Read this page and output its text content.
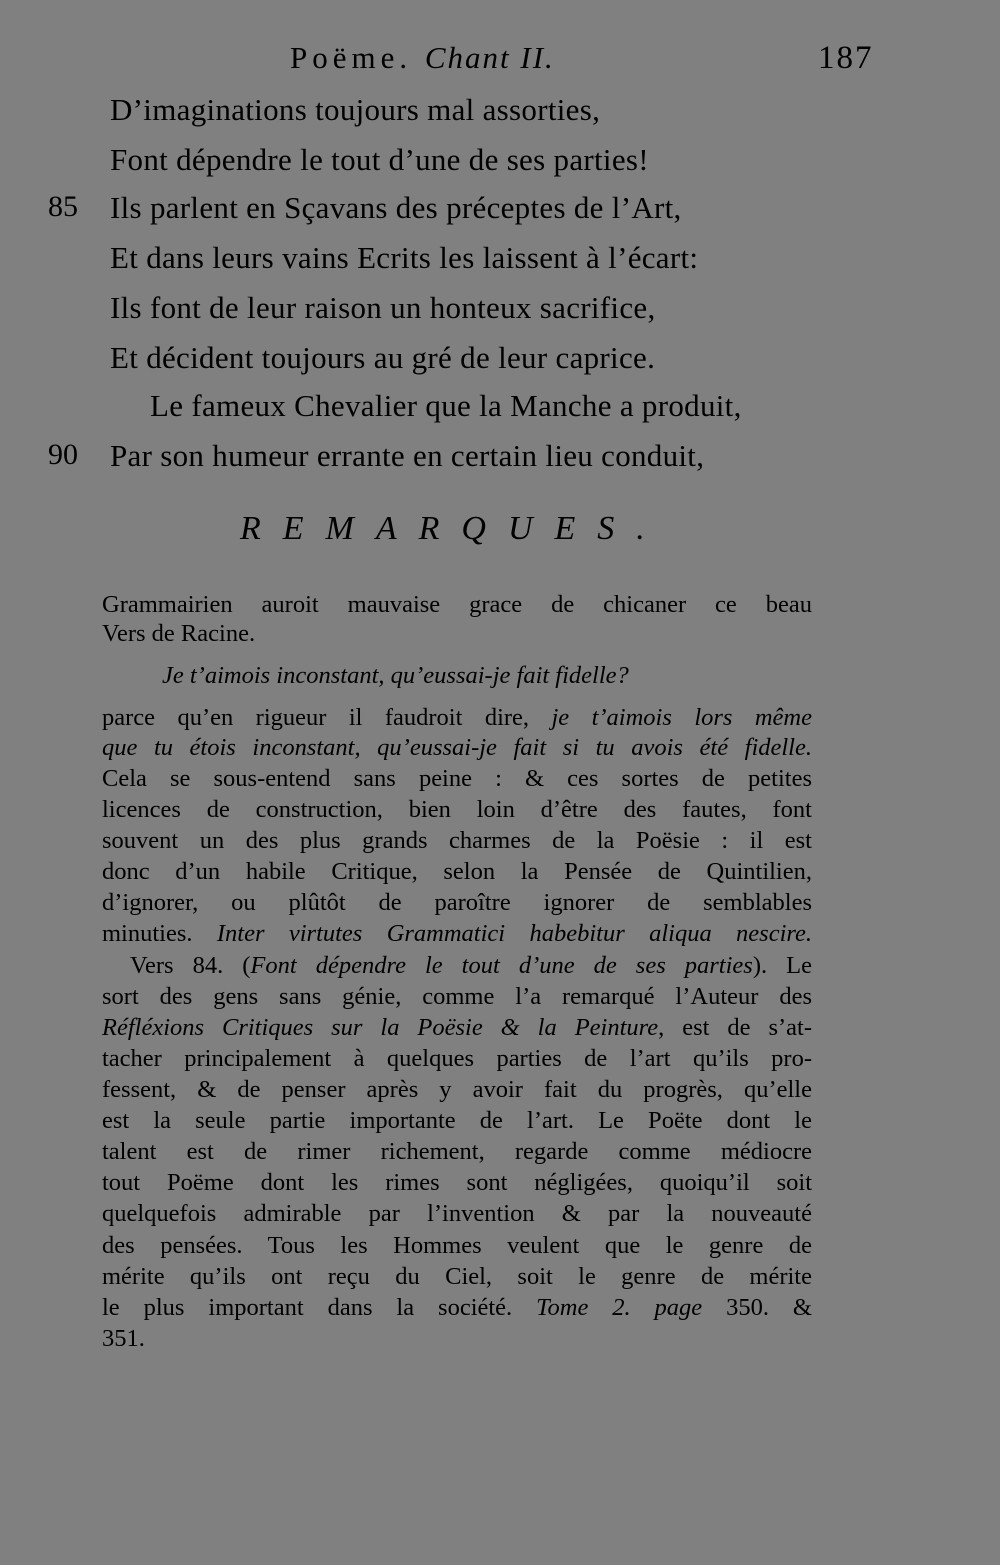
Poëme. Chant II.	187
D’imaginations toujours mal assorties,
Font dépendre le tout d’une de ses parties!
85 Ils parlent en Sçavans des préceptes de l’Art,
Et dans leurs vains Ecrits les laissent à l’écart:
Ils font de leur raison un honteux sacrifice,
Et décident toujours au gré de leur caprice.
Le fameux Chevalier que la Manche a produit,
90 Par son humeur errante en certain lieu conduit,
REMARQUES.
Grammairien auroit mauvaise grace de chicaner ce beau
Vers de Racine.
Je t’aimois inconstant, qu’eussai-je fait fidelle?
parce qu’en rigueur il faudroit dire, je t’aimois lors même
que tu étois inconstant, qu’eussai-je fait si tu avois été fidelle.
Cela se sous-entend sans peine : & ces sortes de petites
licences de construction, bien loin d’être des fautes, font
souvent un des plus grands charmes de la Poësie : il est
donc d’un habile Critique, selon la Pensée de Quintilien,
d’ignorer, ou plûtôt de paroître ignorer de semblables
minuties. Inter virtutes Grammatici habebitur aliqua nescire.
Vers 84. (Font dépendre le tout d’une de ses parties). Le
sort des gens sans génie, comme l’a remarqué l’Auteur des
Réfléxions Critiques sur la Poësie & la Peinture, est de s’at-
tacher principalement à quelques parties de l’art qu’ils pro-
fessent, & de penser après y avoir fait du progrès, qu’elle
est la seule partie importante de l’art. Le Poëte dont le
talent est de rimer richement, regarde comme médiocre
tout Poëme dont les rimes sont négligées, quoiqu’il soit
quelquefois admirable par l’invention & par la nouveauté
des pensées. Tous les Hommes veulent que le genre de
mérite qu’ils ont reçu du Ciel, soit le genre de mérite
le plus important dans la société. Tome 2. page 350. &
351.
